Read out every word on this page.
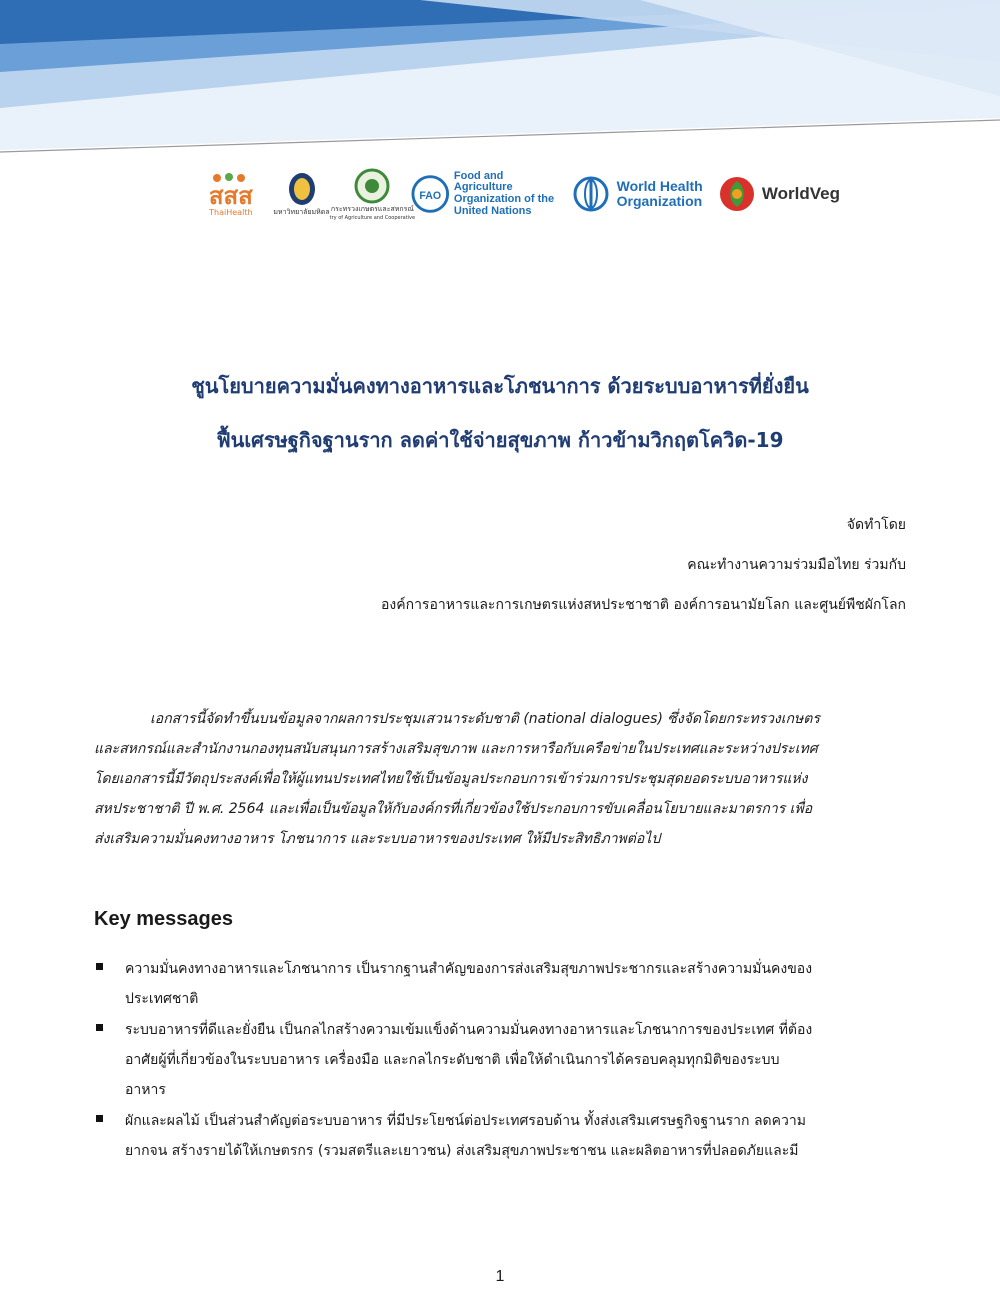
สสส
ThaiHealth	มหาวิทยาลัยมหิดล กระทรวงเกษตรและสหกรณ์
try of Agriculture and Cooperative
FAO
Food and Agriculture
Organization of the
United Nations
World Health
Organization	WorldVeg
ชูนโยบายความมั่นคงทางอาหารและโภชนาการ ด้วยระบบอาหารที่ยั่งยืน
ฟื้นเศรษฐกิจฐานราก ลดค่าใช้จ่ายสุขภาพ ก้าวข้ามวิกฤตโควิด-19
จัดทำโดย
คณะทำงานความร่วมมือไทย ร่วมกับ
องค์การอาหารและการเกษตรแห่งสหประชาชาติ องค์การอนามัยโลก และศูนย์พืชผักโลก
เอกสารนี้จัดทำขึ้นบนข้อมูลจากผลการประชุมเสวนาระดับชาติ (national dialogues) ซึ่งจัดโดยกระทรวงเกษตร
และสหกรณ์และสำนักงานกองทุนสนับสนุนการสร้างเสริมสุขภาพ และการหารือกับเครือข่ายในประเทศและระหว่างประเทศ
โดยเอกสารนี้มีวัตถุประสงค์เพื่อให้ผู้แทนประเทศไทยใช้เป็นข้อมูลประกอบการเข้าร่วมการประชุมสุดยอดระบบอาหารแห่ง
สหประชาชาติ ปี พ.ศ. 2564 และเพื่อเป็นข้อมูลให้กับองค์กรที่เกี่ยวข้องใช้ประกอบการขับเคลื่อนโยบายและมาตรการ เพื่อ
ส่งเสริมความมั่นคงทางอาหาร โภชนาการ และระบบอาหารของประเทศ ให้มีประสิทธิภาพต่อไป
Key messages
ความมั่นคงทางอาหารและโภชนาการ เป็นรากฐานสำคัญของการส่งเสริมสุขภาพประชากรและสร้างความมั่นคงของ
ประเทศชาติ
ระบบอาหารที่ดีและยั่งยืน เป็นกลไกสร้างความเข้มแข็งด้านความมั่นคงทางอาหารและโภชนาการของประเทศ ที่ต้อง
อาศัยผู้ที่เกี่ยวข้องในระบบอาหาร เครื่องมือ และกลไกระดับชาติ เพื่อให้ดำเนินการได้ครอบคลุมทุกมิติของระบบ
อาหาร
ผักและผลไม้ เป็นส่วนสำคัญต่อระบบอาหาร ที่มีประโยชน์ต่อประเทศรอบด้าน ทั้งส่งเสริมเศรษฐกิจฐานราก ลดความ
ยากจน สร้างรายได้ให้เกษตรกร (รวมสตรีและเยาวชน) ส่งเสริมสุขภาพประชาชน และผลิตอาหารที่ปลอดภัยและมี
1
